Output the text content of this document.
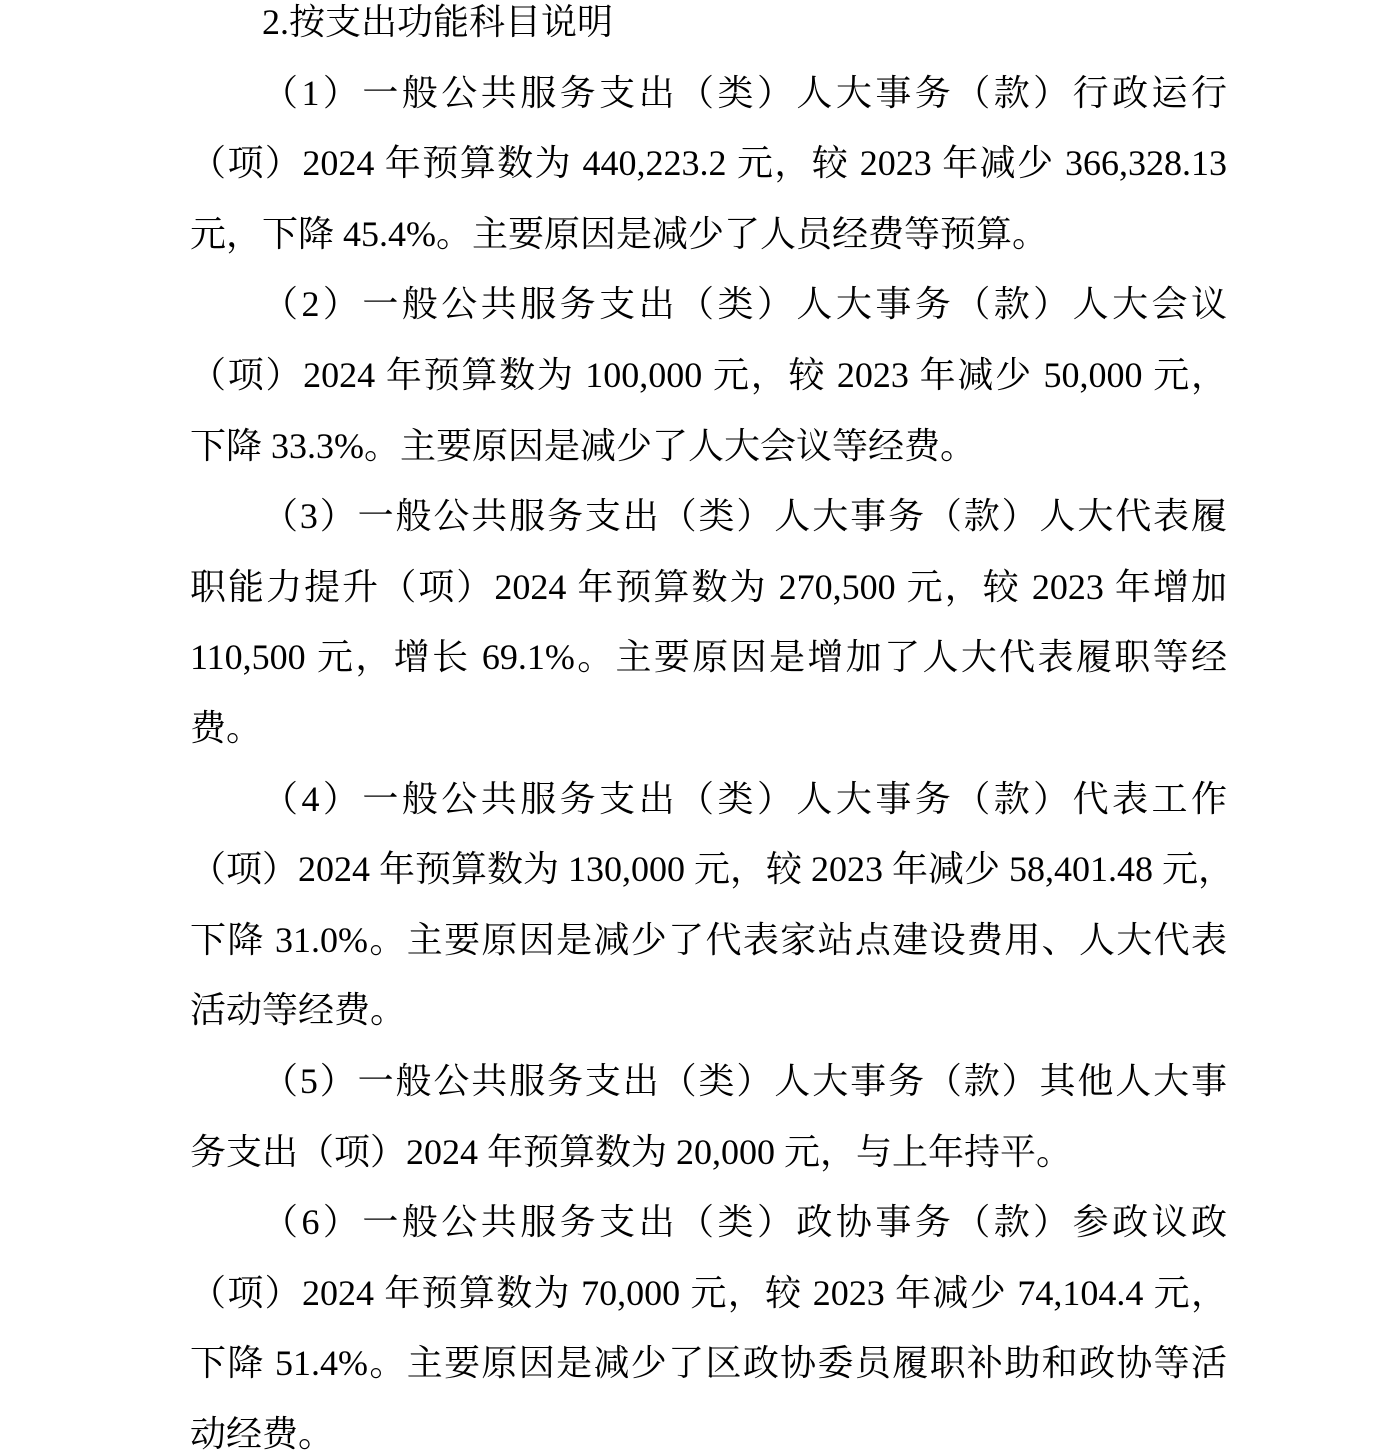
2.按支出功能科目说明
（1）一般公共服务支出（类）人大事务（款）行政运行
（项）2024 年预算数为 440,223.2 元，较 2023 年减少 366,328.13
元，下降 45.4%。主要原因是减少了人员经费等预算。
（2）一般公共服务支出（类）人大事务（款）人大会议
（项）2024 年预算数为 100,000 元，较 2023 年减少 50,000 元，
下降 33.3%。主要原因是减少了人大会议等经费。
（3）一般公共服务支出（类）人大事务（款）人大代表履
职能力提升（项）2024 年预算数为 270,500 元，较 2023 年增加
110,500 元，增长 69.1%。主要原因是增加了人大代表履职等经
费。
（4）一般公共服务支出（类）人大事务（款）代表工作
（项）2024 年预算数为 130,000 元，较 2023 年减少 58,401.48 元，
下降 31.0%。主要原因是减少了代表家站点建设费用、人大代表
活动等经费。
（5）一般公共服务支出（类）人大事务（款）其他人大事
务支出（项）2024 年预算数为 20,000 元，与上年持平。
（6）一般公共服务支出（类）政协事务（款）参政议政
（项）2024 年预算数为 70,000 元，较 2023 年减少 74,104.4 元，
下降 51.4%。主要原因是减少了区政协委员履职补助和政协等活
动经费。
